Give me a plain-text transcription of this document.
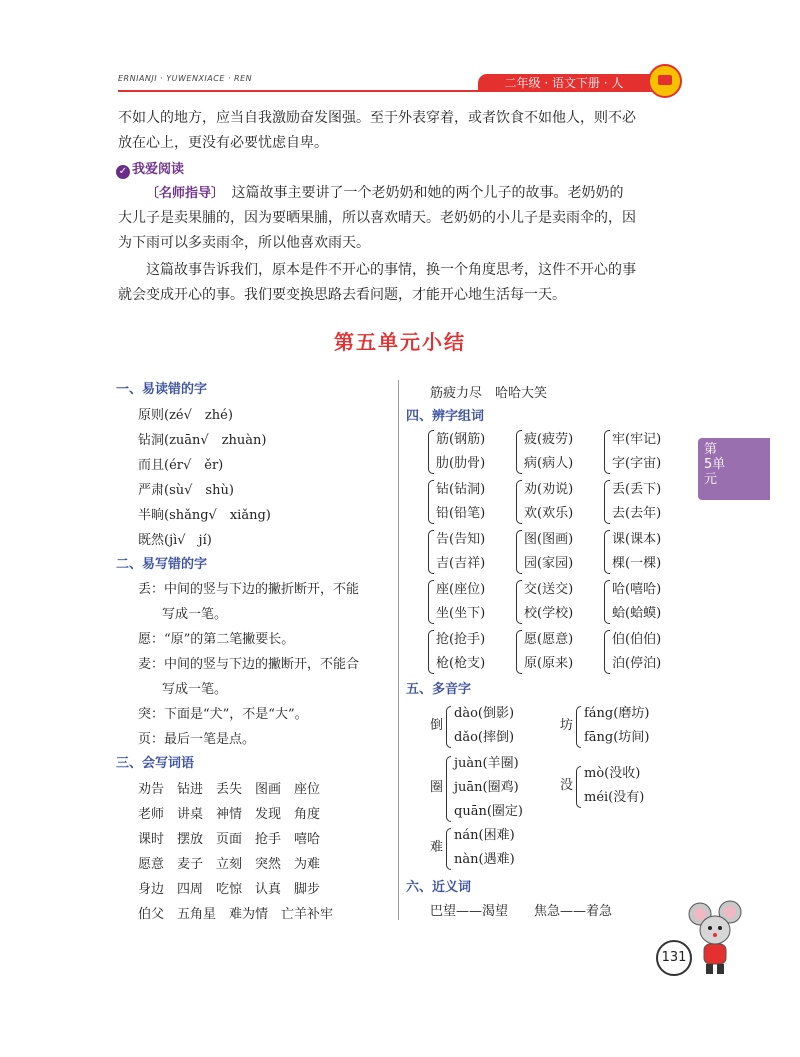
ERNIANJI · YUWENXIACE · REN	二年级 · 语文下册 · 人
不如人的地方，应当自我激励奋发图强。至于外表穿着，或者饮食不如他人，则不必
放在心上，更没有必要忧虑自卑。
✓ 我爱阅读
〔名师指导〕　 这篇故事主要讲了一个老奶奶和她的两个儿子的故事。老奶奶的
大儿子是卖果脯的，因为要晒果脯，所以喜欢晴天。老奶奶的小儿子是卖雨伞的，因
为下雨可以多卖雨伞，所以他喜欢雨天。
这篇故事告诉我们，原本是件不开心的事情，换一个角度思考，这件不开心的事
就会变成开心的事。我们要变换思路去看问题，才能开心地生活每一天。
第五单元小结
第
5单
元
一、易读错的字
原则(zé√　zhé)
钻洞(zuān√　zhuàn)
而且(ér√　ěr)
严肃(sù√　shù)
半晌(shǎng√　xiǎng)
既然(jì√　jí)
二、易写错的字
丢：中间的竖与下边的撇折断开，不能
写成一笔。
愿：“原”的第二笔撇要长。
麦：中间的竖与下边的撇断开，不能合
写成一笔。
突：下面是“犬”，不是“大”。
页：最后一笔是点。
三、会写词语
劝告　钻进　丢失　图画　座位
老师　讲桌　神情　发现　角度
课时　摆放　页面　抢手　嘻哈
愿意　麦子　立刻　突然　为难
身边　四周　吃惊　认真　脚步
伯父　五角星　难为情　亡羊补牢
筋疲力尽　哈哈大笑
四、辨字组词
筋(钢筋)
肋(肋骨)
疲(疲劳)
病(病人)
牢(牢记)
字(字宙)
钻(钻洞)
铅(铅笔)
劝(劝说)
欢(欢乐)
丢(丢下)
去(去年)
告(告知)
吉(吉祥)
图(图画)
园(家园)
课(课本)
棵(一棵)
座(座位)
坐(坐下)
交(送交)
校(学校)
哈(嘻哈)
蛤(蛤蟆)
抢(抢手)
枪(枪支)
愿(愿意)
原(原来)
伯(伯伯)
泊(停泊)
五、多音字
倒
dào(倒影)
dǎo(摔倒)
坊
fáng(磨坊)
fāng(坊间)
圈
juàn(羊圈)
juān(圈鸡)
quān(圈定)
没
mò(没收)
méi(没有)
难
nán(困难)
nàn(遇难)
六、近义词
巴望——渴望　　焦急——着急
131
